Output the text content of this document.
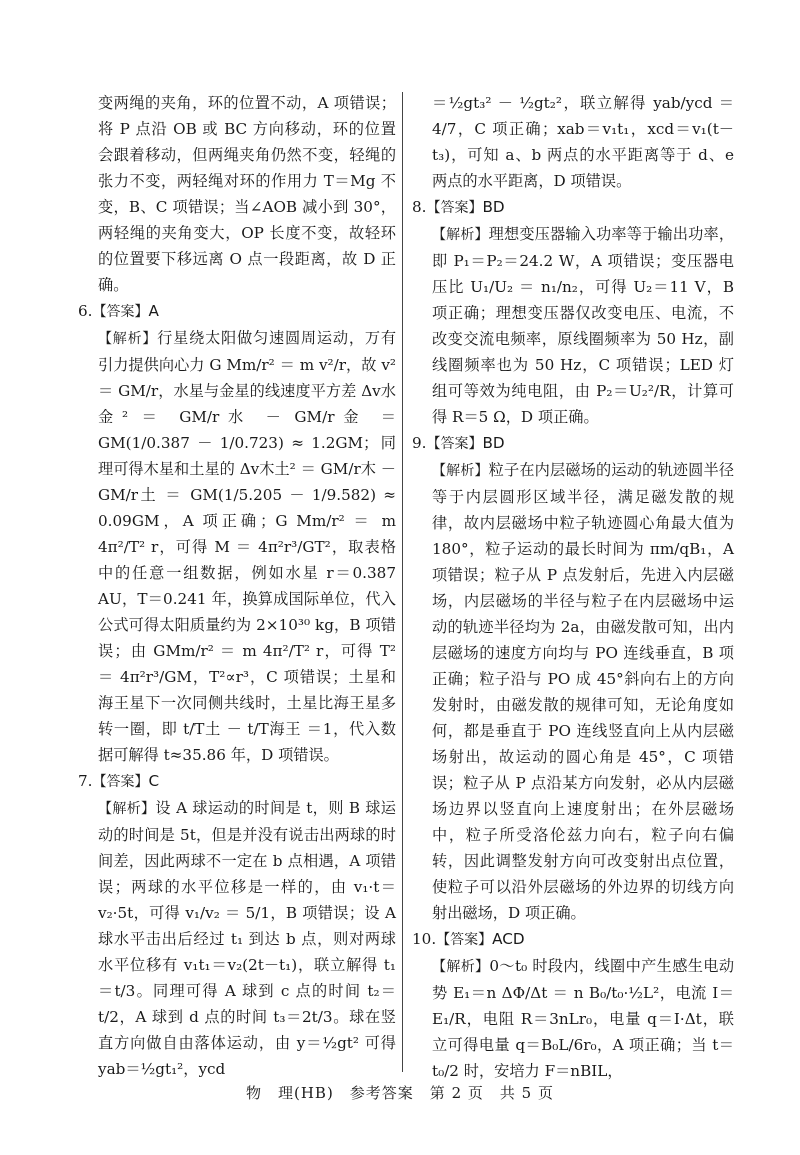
变两绳的夹角，环的位置不动，A 项错误；将 P 点沿 OB 或 BC 方向移动，环的位置会跟着移动，但两绳夹角仍然不变，轻绳的张力不变，两轻绳对环的作用力 T＝Mg 不变，B、C 项错误；当∠AOB 减小到 30°，两轻绳的夹角变大，OP 长度不变，故轻环的位置要下移远离 O 点一段距离，故 D 正确。

6.【答案】A

【解析】行星绕太阳做匀速圆周运动，万有引力提供向心力 G Mm/r² ＝ m v²/r，故 v² ＝ GM/r，水星与金星的线速度平方差 Δv水金² ＝ GM/r水 － GM/r金 ＝ GM(1/0.387 － 1/0.723) ≈ 1.2GM；同理可得木星和土星的 Δv木土² ＝ GM/r木 － GM/r土 ＝ GM(1/5.205 － 1/9.582) ≈ 0.09GM，A 项正确；G Mm/r² ＝ m 4π²/T² r，可得 M ＝ 4π²r³/GT²，取表格中的任意一组数据，例如水星 r＝0.387 AU，T＝0.241 年，换算成国际单位，代入公式可得太阳质量约为 2×10³⁰ kg，B 项错误；由 GMm/r² ＝ m 4π²/T² r，可得 T² ＝ 4π²r³/GM，T²∝r³，C 项错误；土星和海王星下一次同侧共线时，土星比海王星多转一圈，即 t/T土 － t/T海王 ＝1，代入数据可解得 t≈35.86 年，D 项错误。

7.【答案】C

【解析】设 A 球运动的时间是 t，则 B 球运动的时间是 5t，但是并没有说击出两球的时间差，因此两球不一定在 b 点相遇，A 项错误；两球的水平位移是一样的，由 v₁·t＝v₂·5t，可得 v₁/v₂ ＝ 5/1，B 项错误；设 A 球水平击出后经过 t₁ 到达 b 点，则对两球水平位移有 v₁t₁＝v₂(2t－t₁)，联立解得 t₁＝t/3。同理可得 A 球到 c 点的时间 t₂＝t/2，A 球到 d 点的时间 t₃＝2t/3。球在竖直方向做自由落体运动，由 y＝½gt² 可得 yab＝½gt₁²，ycd

＝½gt₃² － ½gt₂²，联立解得 yab/ycd ＝ 4/7，C 项正确；xab＝v₁t₁，xcd＝v₁(t－t₃)，可知 a、b 两点的水平距离等于 d、e 两点的水平距离，D 项错误。

8.【答案】BD

【解析】理想变压器输入功率等于输出功率，即 P₁＝P₂＝24.2 W，A 项错误；变压器电压比 U₁/U₂ ＝ n₁/n₂，可得 U₂＝11 V，B 项正确；理想变压器仅改变电压、电流，不改变交流电频率，原线圈频率为 50 Hz，副线圈频率也为 50 Hz，C 项错误；LED 灯组可等效为纯电阻，由 P₂＝U₂²/R，计算可得 R＝5 Ω，D 项正确。

9.【答案】BD

【解析】粒子在内层磁场的运动的轨迹圆半径等于内层圆形区域半径，满足磁发散的规律，故内层磁场中粒子轨迹圆心角最大值为 180°，粒子运动的最长时间为 πm/qB₁，A 项错误；粒子从 P 点发射后，先进入内层磁场，内层磁场的半径与粒子在内层磁场中运动的轨迹半径均为 2a，由磁发散可知，出内层磁场的速度方向均与 PO 连线垂直，B 项正确；粒子沿与 PO 成 45°斜向右上的方向发射时，由磁发散的规律可知，无论角度如何，都是垂直于 PO 连线竖直向上从内层磁场射出，故运动的圆心角是 45°，C 项错误；粒子从 P 点沿某方向发射，必从内层磁场边界以竖直向上速度射出；在外层磁场中，粒子所受洛伦兹力向右，粒子向右偏转，因此调整发射方向可改变射出点位置，使粒子可以沿外层磁场的外边界的切线方向射出磁场，D 项正确。

10.【答案】ACD

【解析】0～t₀ 时段内，线圈中产生感生电动势 E₁＝n ΔΦ/Δt ＝ n B₀/t₀·½L²，电流 I＝E₁/R，电阻 R＝3nLr₀，电量 q＝I·Δt，联立可得电量 q＝B₀L/6r₀，A 项正确；当 t＝t₀/2 时，安培力 F＝nBIL，

物　理(HB)　参考答案　第 2 页　共 5 页
